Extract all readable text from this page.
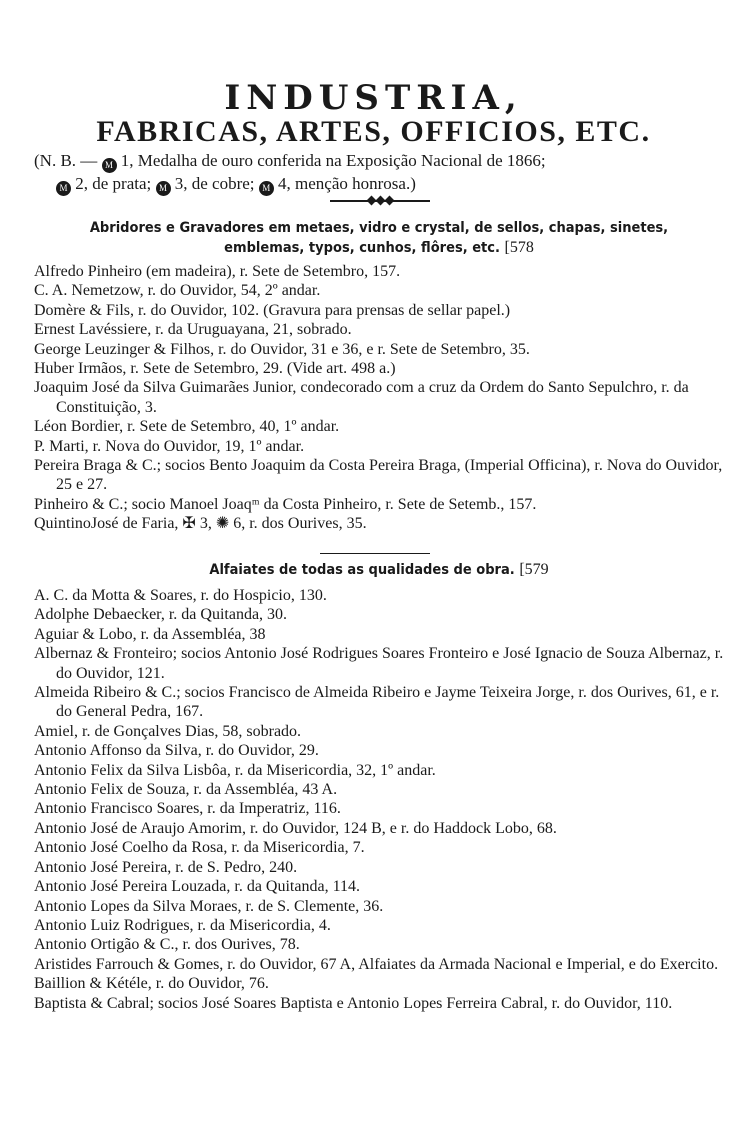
INDUSTRIA,
FABRICAS, ARTES, OFFICIOS, ETC.
(N. B. — M 1, Medalha de ouro conferida na Exposição Nacional de 1866;
M 2, de prata; M 3, de cobre; M 4, menção honrosa.)
Abridores e Gravadores em metaes, vidro e crystal, de sellos, chapas, sinetes,
emblemas, typos, cunhos, flôres, etc. [578

Alfredo Pinheiro (em madeira), r. Sete de Setembro, 157.

C. A. Nemetzow, r. do Ouvidor, 54, 2º andar.

Domère & Fils, r. do Ouvidor, 102. (Gravura para prensas de sellar papel.)

Ernest Lavéssiere, r. da Uruguayana, 21, sobrado.

George Leuzinger & Filhos, r. do Ouvidor, 31 e 36, e r. Sete de Setembro, 35.

Huber Irmãos, r. Sete de Setembro, 29. (Vide art. 498 a.)

Joaquim José da Silva Guimarães Junior, condecorado com a cruz da Ordem do Santo Sepulchro, r. da Constituição, 3.

Léon Bordier, r. Sete de Setembro, 40, 1º andar.

P. Marti, r. Nova do Ouvidor, 19, 1º andar.

Pereira Braga & C.; socios Bento Joaquim da Costa Pereira Braga, (Imperial Officina), r. Nova do Ouvidor, 25 e 27.

Pinheiro & C.; socio Manoel Joaqᵐ da Costa Pinheiro, r. Sete de Setemb., 157.

QuintinoJosé de Faria, ✠ 3, ✺ 6, r. dos Ourives, 35.

Alfaiates de todas as qualidades de obra. [579

A. C. da Motta & Soares, r. do Hospicio, 130.

Adolphe Debaecker, r. da Quitanda, 30.

Aguiar & Lobo, r. da Assembléa, 38

Albernaz & Fronteiro; socios Antonio José Rodrigues Soares Fronteiro e José Ignacio de Souza Albernaz, r. do Ouvidor, 121.

Almeida Ribeiro & C.; socios Francisco de Almeida Ribeiro e Jayme Teixeira Jorge, r. dos Ourives, 61, e r. do General Pedra, 167.

Amiel, r. de Gonçalves Dias, 58, sobrado.

Antonio Affonso da Silva, r. do Ouvidor, 29.

Antonio Felix da Silva Lisbôa, r. da Misericordia, 32, 1º andar.

Antonio Felix de Souza, r. da Assembléa, 43 A.

Antonio Francisco Soares, r. da Imperatriz, 116.

Antonio José de Araujo Amorim, r. do Ouvidor, 124 B, e r. do Haddock Lobo, 68.

Antonio José Coelho da Rosa, r. da Misericordia, 7.

Antonio José Pereira, r. de S. Pedro, 240.

Antonio José Pereira Louzada, r. da Quitanda, 114.

Antonio Lopes da Silva Moraes, r. de S. Clemente, 36.

Antonio Luiz Rodrigues, r. da Misericordia, 4.

Antonio Ortigão & C., r. dos Ourives, 78.

Aristides Farrouch & Gomes, r. do Ouvidor, 67 A, Alfaiates da Armada Nacional e Imperial, e do Exercito.

Baillion & Kétéle, r. do Ouvidor, 76.

Baptista & Cabral; socios José Soares Baptista e Antonio Lopes Ferreira Cabral, r. do Ouvidor, 110.
